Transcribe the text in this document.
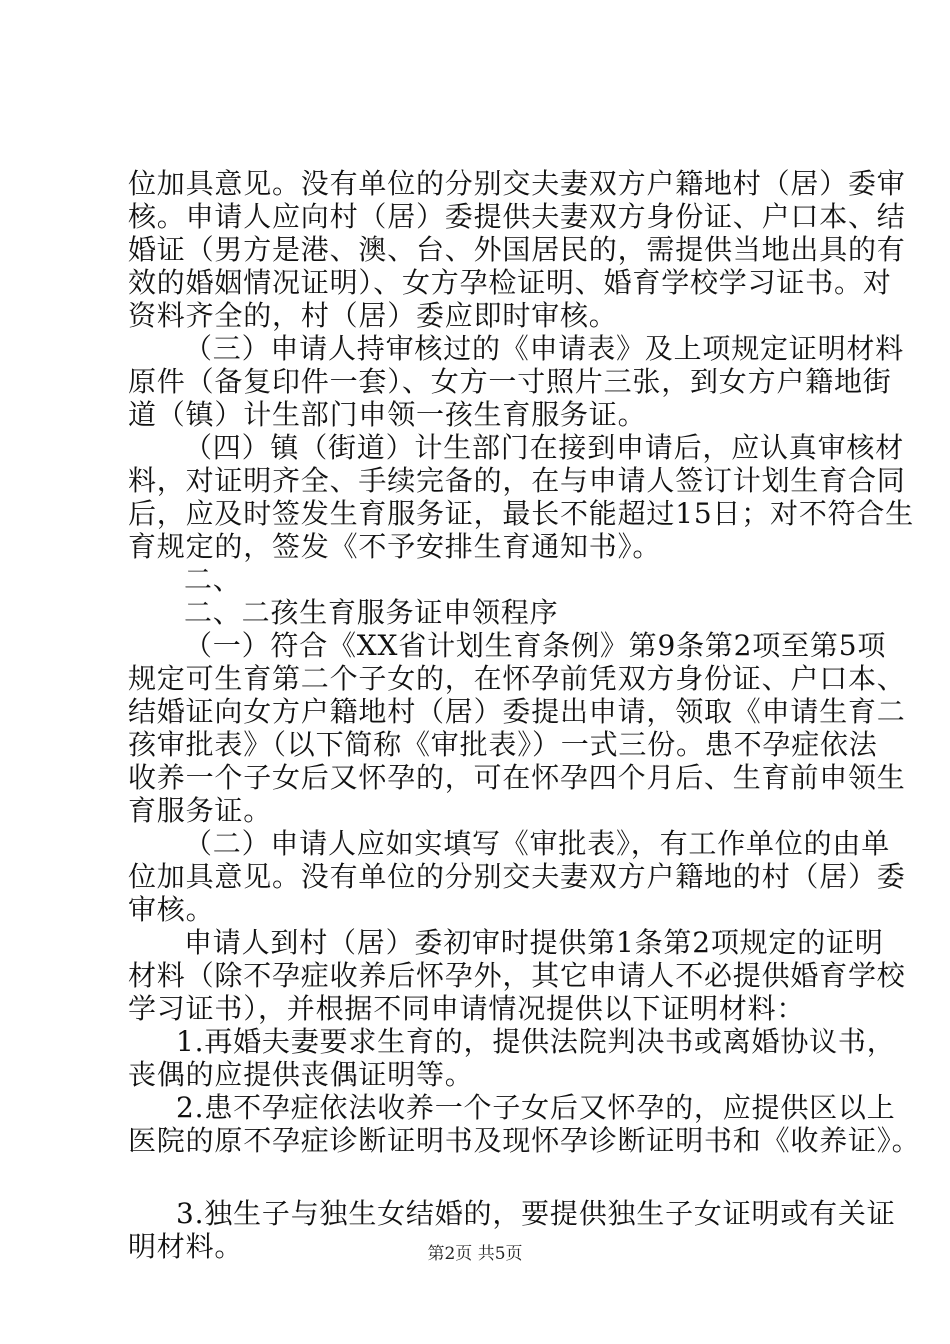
位加具意见。没有单位的分别交夫妻双方户籍地村（居）委审
核。申请人应向村（居）委提供夫妻双方身份证、户口本、结
婚证（男方是港、澳、台、外国居民的，需提供当地出具的有
效的婚姻情况证明）、女方孕检证明、婚育学校学习证书。对
资料齐全的，村（居）委应即时审核。
（三）申请人持审核过的《申请表》及上项规定证明材料
原件（备复印件一套）、女方一寸照片三张，到女方户籍地街
道（镇）计生部门申领一孩生育服务证。
（四）镇（街道）计生部门在接到申请后，应认真审核材
料，对证明齐全、手续完备的，在与申请人签订计划生育合同
后，应及时签发生育服务证，最长不能超过15日；对不符合生
育规定的，签发《不予安排生育通知书》。
二、
二、二孩生育服务证申领程序
（一）符合《XX省计划生育条例》第9条第2项至第5项
规定可生育第二个子女的，在怀孕前凭双方身份证、户口本、
结婚证向女方户籍地村（居）委提出申请，领取《申请生育二
孩审批表》（以下简称《审批表》）一式三份。患不孕症依法
收养一个子女后又怀孕的，可在怀孕四个月后、生育前申领生
育服务证。
（二）申请人应如实填写《审批表》，有工作单位的由单
位加具意见。没有单位的分别交夫妻双方户籍地的村（居）委
审核。
申请人到村（居）委初审时提供第1条第2项规定的证明
材料（除不孕症收养后怀孕外，其它申请人不必提供婚育学校
学习证书），并根据不同申请情况提供以下证明材料：
1.再婚夫妻要求生育的，提供法院判决书或离婚协议书，
丧偶的应提供丧偶证明等。
2.患不孕症依法收养一个子女后又怀孕的，应提供区以上
医院的原不孕症诊断证明书及现怀孕诊断证明书和《收养证》。
3.独生子与独生女结婚的，要提供独生子女证明或有关证
明材料。	第2页 共5页
